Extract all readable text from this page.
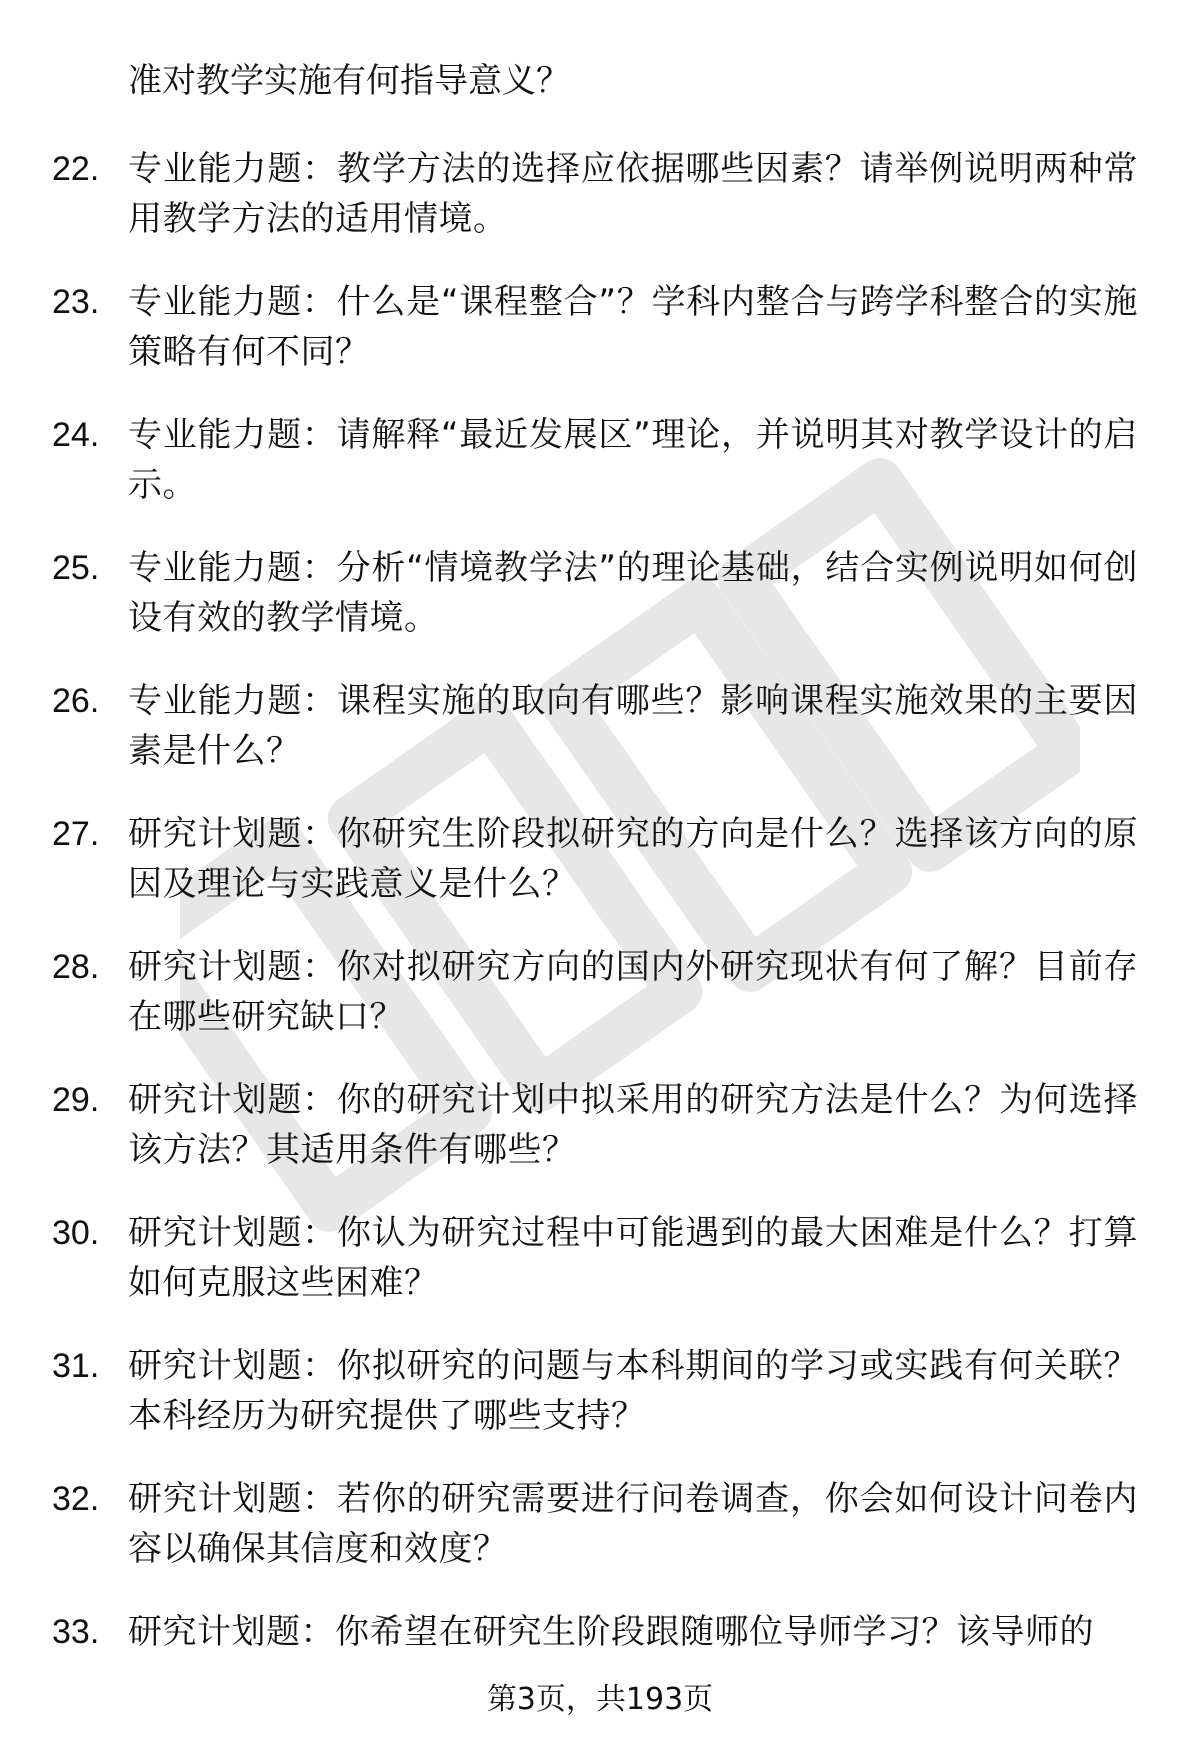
准对教学实施有何指导意义？
22. 专业能力题：教学方法的选择应依据哪些因素？请举例说明两种常用教学方法的适用情境。
23. 专业能力题：什么是“课程整合”？学科内整合与跨学科整合的实施策略有何不同？
24. 专业能力题：请解释“最近发展区”理论，并说明其对教学设计的启示。
25. 专业能力题：分析“情境教学法”的理论基础，结合实例说明如何创设有效的教学情境。
26. 专业能力题：课程实施的取向有哪些？影响课程实施效果的主要因素是什么？
27. 研究计划题：你研究生阶段拟研究的方向是什么？选择该方向的原因及理论与实践意义是什么？
28. 研究计划题：你对拟研究方向的国内外研究现状有何了解？目前存在哪些研究缺口？
29. 研究计划题：你的研究计划中拟采用的研究方法是什么？为何选择该方法？其适用条件有哪些？
30. 研究计划题：你认为研究过程中可能遇到的最大困难是什么？打算如何克服这些困难？
31. 研究计划题：你拟研究的问题与本科期间的学习或实践有何关联？本科经历为研究提供了哪些支持？
32. 研究计划题：若你的研究需要进行问卷调查，你会如何设计问卷内容以确保其信度和效度？
33. 研究计划题：你希望在研究生阶段跟随哪位导师学习？该导师的
第3页，共193页
